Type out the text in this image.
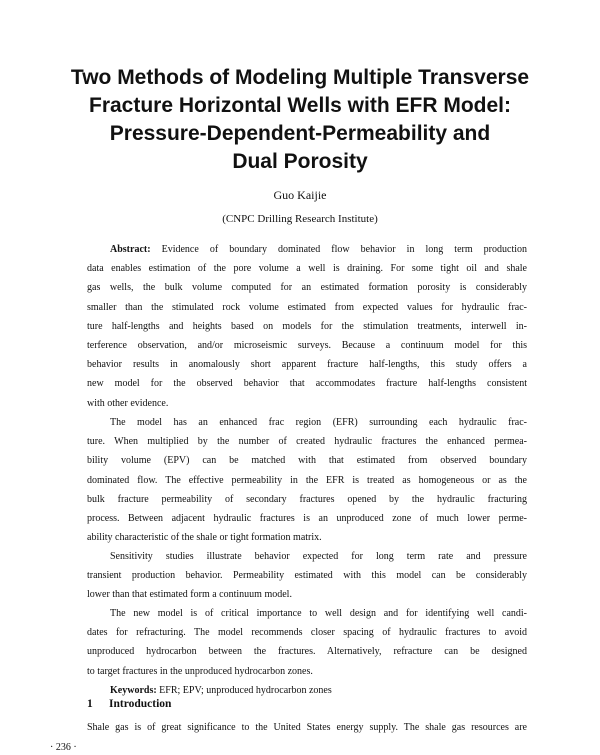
Two Methods of Modeling Multiple Transverse
Fracture Horizontal Wells with EFR Model:
Pressure-Dependent-Permeability and
Dual Porosity
Guo Kaijie
(CNPC Drilling Research Institute)
Abstract: Evidence of boundary dominated flow behavior in long term production
data enables estimation of the pore volume a well is draining. For some tight oil and shale
gas wells, the bulk volume computed for an estimated formation porosity is considerably
smaller than the stimulated rock volume estimated from expected values for hydraulic frac-
ture half-lengths and heights based on models for the stimulation treatments, interwell in-
terference observation, and/or microseismic surveys. Because a continuum model for this
behavior results in anomalously short apparent fracture half-lengths, this study offers a
new model for the observed behavior that accommodates fracture half-lengths consistent
with other evidence.
The model has an enhanced frac region (EFR) surrounding each hydraulic frac-
ture. When multiplied by the number of created hydraulic fractures the enhanced permea-
bility volume (EPV) can be matched with that estimated from observed boundary
dominated flow. The effective permeability in the EFR is treated as homogeneous or as the
bulk fracture permeability of secondary fractures opened by the hydraulic fracturing
process. Between adjacent hydraulic fractures is an unproduced zone of much lower perme-
ability characteristic of the shale or tight formation matrix.
Sensitivity studies illustrate behavior expected for long term rate and pressure
transient production behavior. Permeability estimated with this model can be considerably
lower than that estimated form a continuum model.
The new model is of critical importance to well design and for identifying well candi-
dates for refracturing. The model recommends closer spacing of hydraulic fractures to avoid
unproduced hydrocarbon between the fractures. Alternatively, refracture can be designed
to target fractures in the unproduced hydrocarbon zones.
Keywords: EFR; EPV; unproduced hydrocarbon zones
1 Introduction
Shale gas is of great significance to the United States energy supply. The shale gas resources are
· 236 ·
